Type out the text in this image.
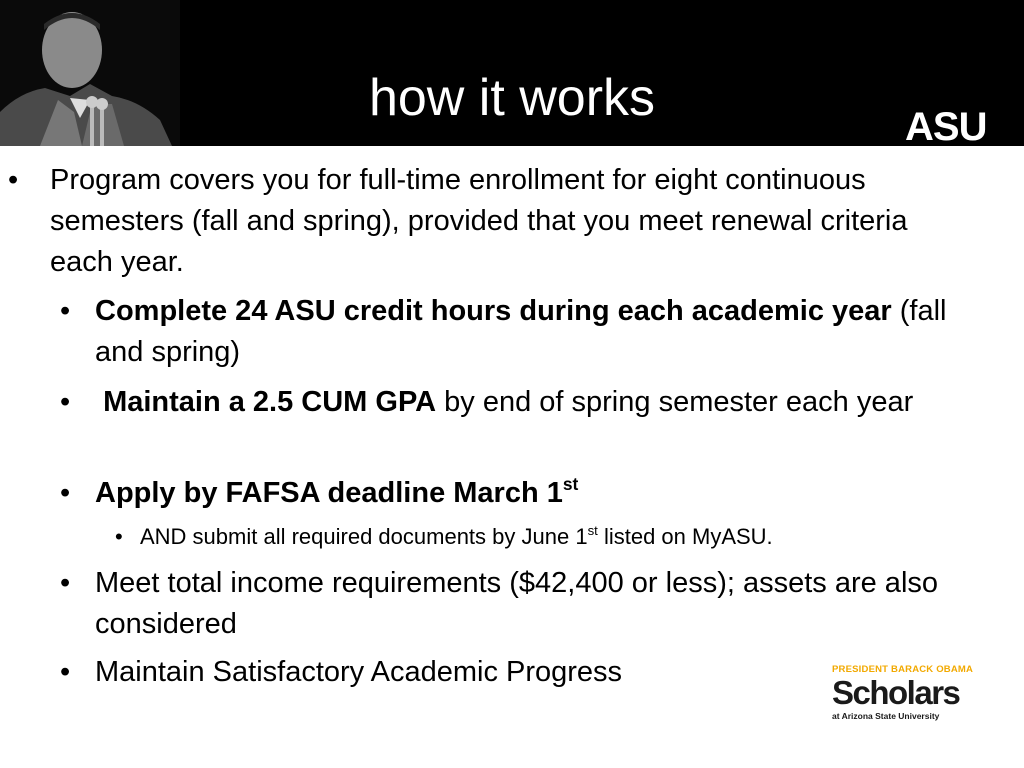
how it works	ASU
•	Program covers you for full-time enrollment for eight continuous semesters (fall and spring), provided that you meet renewal criteria each year.

• Complete 24 ASU credit hours during each academic year (fall and spring)

•	Maintain a 2.5 CUM GPA by end of spring semester each year

• Apply by FAFSA deadline March 1st

• AND submit all required documents by June 1st listed on MyASU.

• Meet total income requirements ($42,400 or less); assets are also considered

• Maintain Satisfactory Academic Progress	PRESIDENT BARACK OBAMA
Scholars
at Arizona State University
